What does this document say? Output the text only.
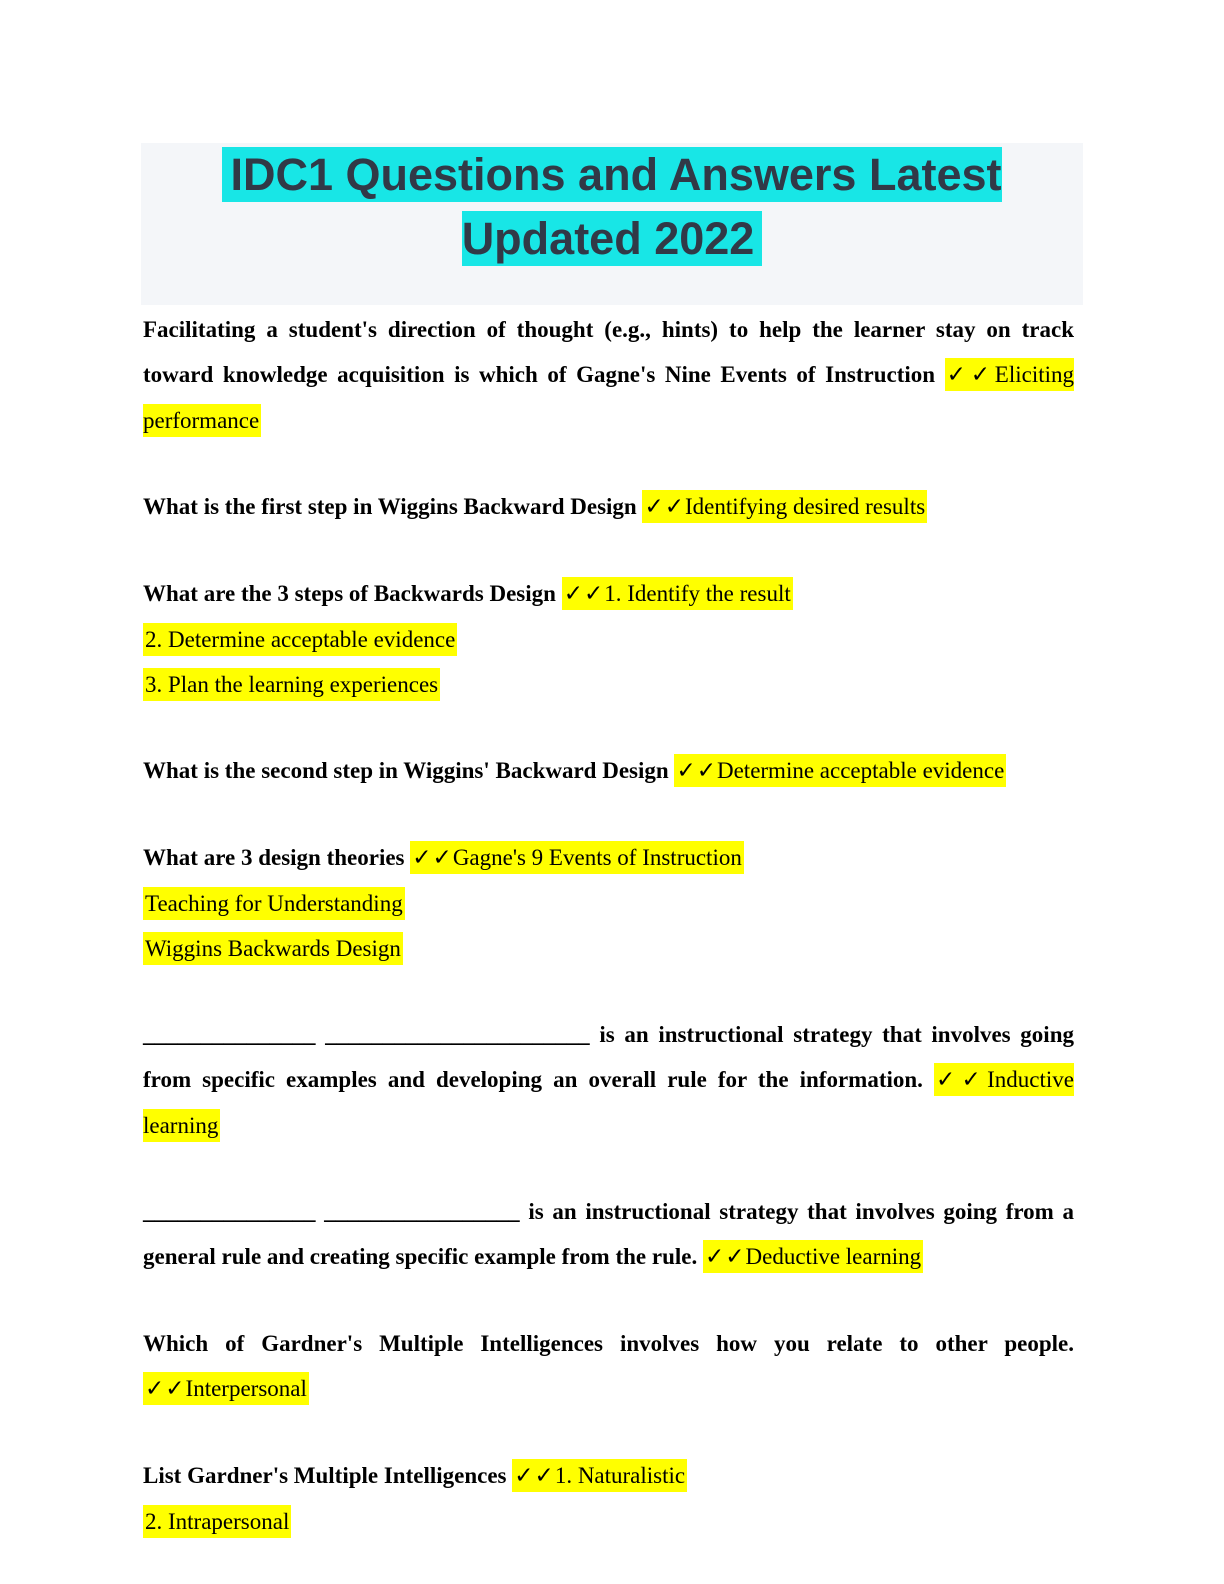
IDC1 Questions and Answers Latest Updated 2022

Facilitating a student's direction of thought (e.g., hints) to help the learner stay on track toward knowledge acquisition is which of Gagne's Nine Events of Instruction ✓✓Eliciting performance

What is the first step in Wiggins Backward Design ✓✓Identifying desired results

What are the 3 steps of Backwards Design ✓✓1. Identify the result
2. Determine acceptable evidence
3. Plan the learning experiences

What is the second step in Wiggins' Backward Design ✓✓Determine acceptable evidence

What are 3 design theories ✓✓Gagne's 9 Events of Instruction
Teaching for Understanding
Wiggins Backwards Design

_______________ _______________________ is an instructional strategy that involves going from specific examples and developing an overall rule for the information. ✓✓Inductive learning

_______________ _________________ is an instructional strategy that involves going from a general rule and creating specific example from the rule. ✓✓Deductive learning

Which of Gardner's Multiple Intelligences involves how you relate to other people. ✓✓Interpersonal

List Gardner's Multiple Intelligences ✓✓1. Naturalistic
2. Intrapersonal
